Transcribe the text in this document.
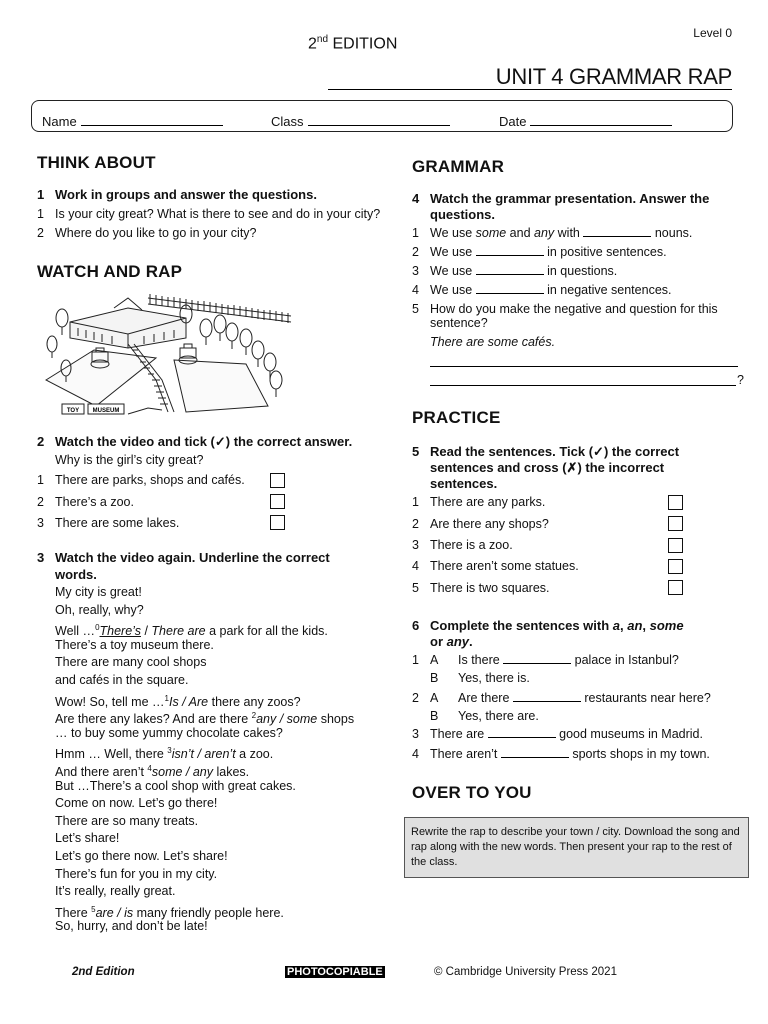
Level 0
2nd EDITION
UNIT 4 GRAMMAR RAP
Name	Class	Date
THINK ABOUT
1 Work in groups and answer the questions.
1 Is your city great? What is there to see and do in your city?
2 Where do you like to go in your city?
WATCH AND RAP
TOY MUSEUM
2 Watch the video and tick (✓) the correct answer.
Why is the girl’s city great?
1 There are parks, shops and cafés.
2 There’s a zoo.
3 There are some lakes.
3 Watch the video again. Underline the correct
words.
My city is great!
Oh, really, why?
Well …$^0$There’s / There are a park for all the kids.
There’s a toy museum there.
There are many cool shops
and cafés in the square.
Wow! So, tell me …$^1$Is / Are there any zoos?
Are there any lakes? And are there $^2$any / some shops
… to buy some yummy chocolate cakes?
Hmm … Well, there $^3$isn’t / aren’t a zoo.
And there aren’t $^4$some / any lakes.
But …There’s a cool shop with great cakes.
Come on now. Let’s go there!
There are so many treats.
Let’s share!
Let’s go there now. Let’s share!
There’s fun for you in my city.
It’s really, really great.
There $^5$are / is many friendly people here.
So, hurry, and don’t be late!
GRAMMAR
4 Watch the grammar presentation. Answer the
questions.
1 We use some and any with	nouns.
2 We use	in positive sentences.
3 We use	in questions.
4 We use	in negative sentences.
5 How do you make the negative and question for this
sentence?
There are some cafés.
?
PRACTICE
5 Read the sentences. Tick (✓) the correct
sentences and cross (✗) the incorrect
sentences.
1 There are any parks.
2 Are there any shops?
3 There is a zoo.
4 There aren’t some statues.
5 There is two squares.
6 Complete the sentences with a, an, some
or any.
1 A Is there	palace in Istanbul?
B Yes, there is.
2 A Are there	restaurants near here?
B Yes, there are.
3 There are	good museums in Madrid.
4 There aren’t	sports shops in my town.
OVER TO YOU
Rewrite the rap to describe your town / city. Download the song and rap along with the new words. Then present your rap to the rest of the class.
2nd Edition	PHOTOCOPIABLE	© Cambridge University Press 2021
